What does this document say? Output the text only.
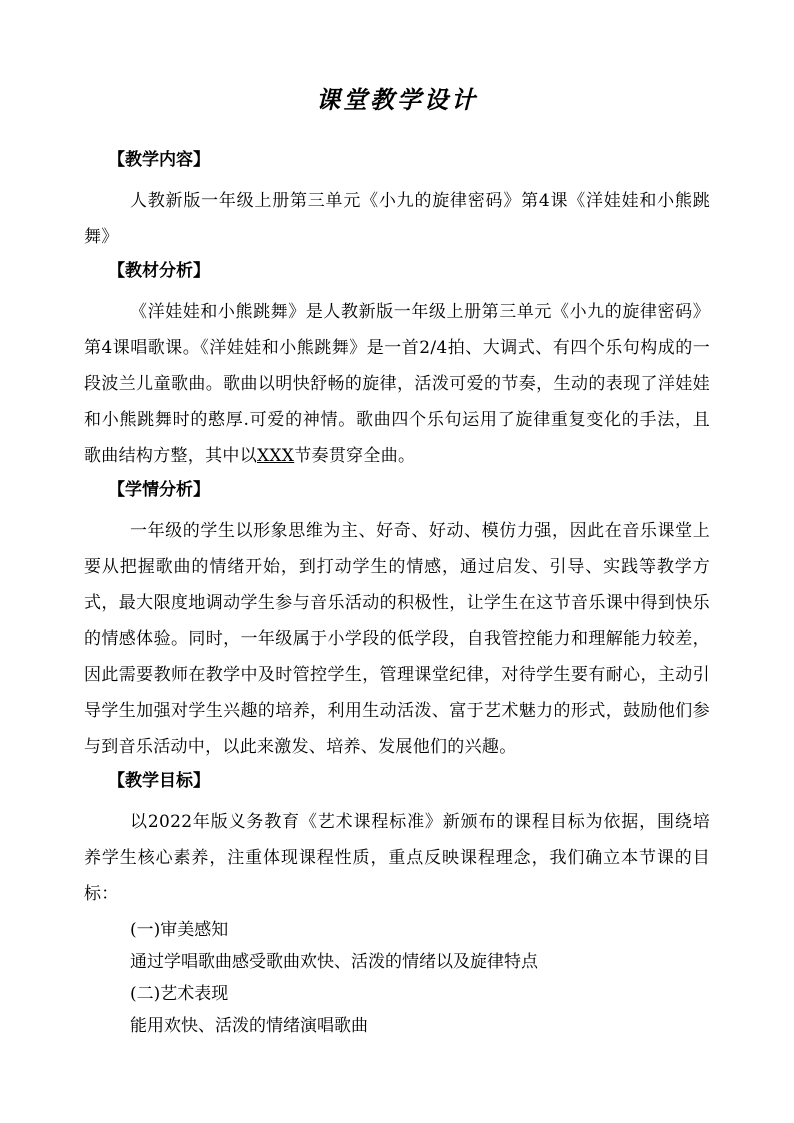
课堂教学设计
【教学内容】

人教新版一年级上册第三单元《小九的旋律密码》第4课《洋娃娃和小熊跳舞》

【教材分析】

《洋娃娃和小熊跳舞》是人教新版一年级上册第三单元《小九的旋律密码》第4课唱歌课。《洋娃娃和小熊跳舞》是一首2/4拍、大调式、有四个乐句构成的一段波兰儿童歌曲。歌曲以明快舒畅的旋律，活泼可爱的节奏，生动的表现了洋娃娃和小熊跳舞时的憨厚.可爱的神情。歌曲四个乐句运用了旋律重复变化的手法，且歌曲结构方整，其中以XXX节奏贯穿全曲。

【学情分析】

一年级的学生以形象思维为主、好奇、好动、模仿力强，因此在音乐课堂上要从把握歌曲的情绪开始，到打动学生的情感，通过启发、引导、实践等教学方式，最大限度地调动学生参与音乐活动的积极性，让学生在这节音乐课中得到快乐的情感体验。同时，一年级属于小学段的低学段，自我管控能力和理解能力较差，因此需要教师在教学中及时管控学生，管理课堂纪律，对待学生要有耐心，主动引导学生加强对学生兴趣的培养，利用生动活泼、富于艺术魅力的形式，鼓励他们参与到音乐活动中，以此来激发、培养、发展他们的兴趣。

【教学目标】

以2022年版义务教育《艺术课程标准》新颁布的课程目标为依据，围绕培养学生核心素养，注重体现课程性质，重点反映课程理念，我们确立本节课的目标：

(一)审美感知
通过学唱歌曲感受歌曲欢快、活泼的情绪以及旋律特点
(二)艺术表现
能用欢快、活泼的情绪演唱歌曲
